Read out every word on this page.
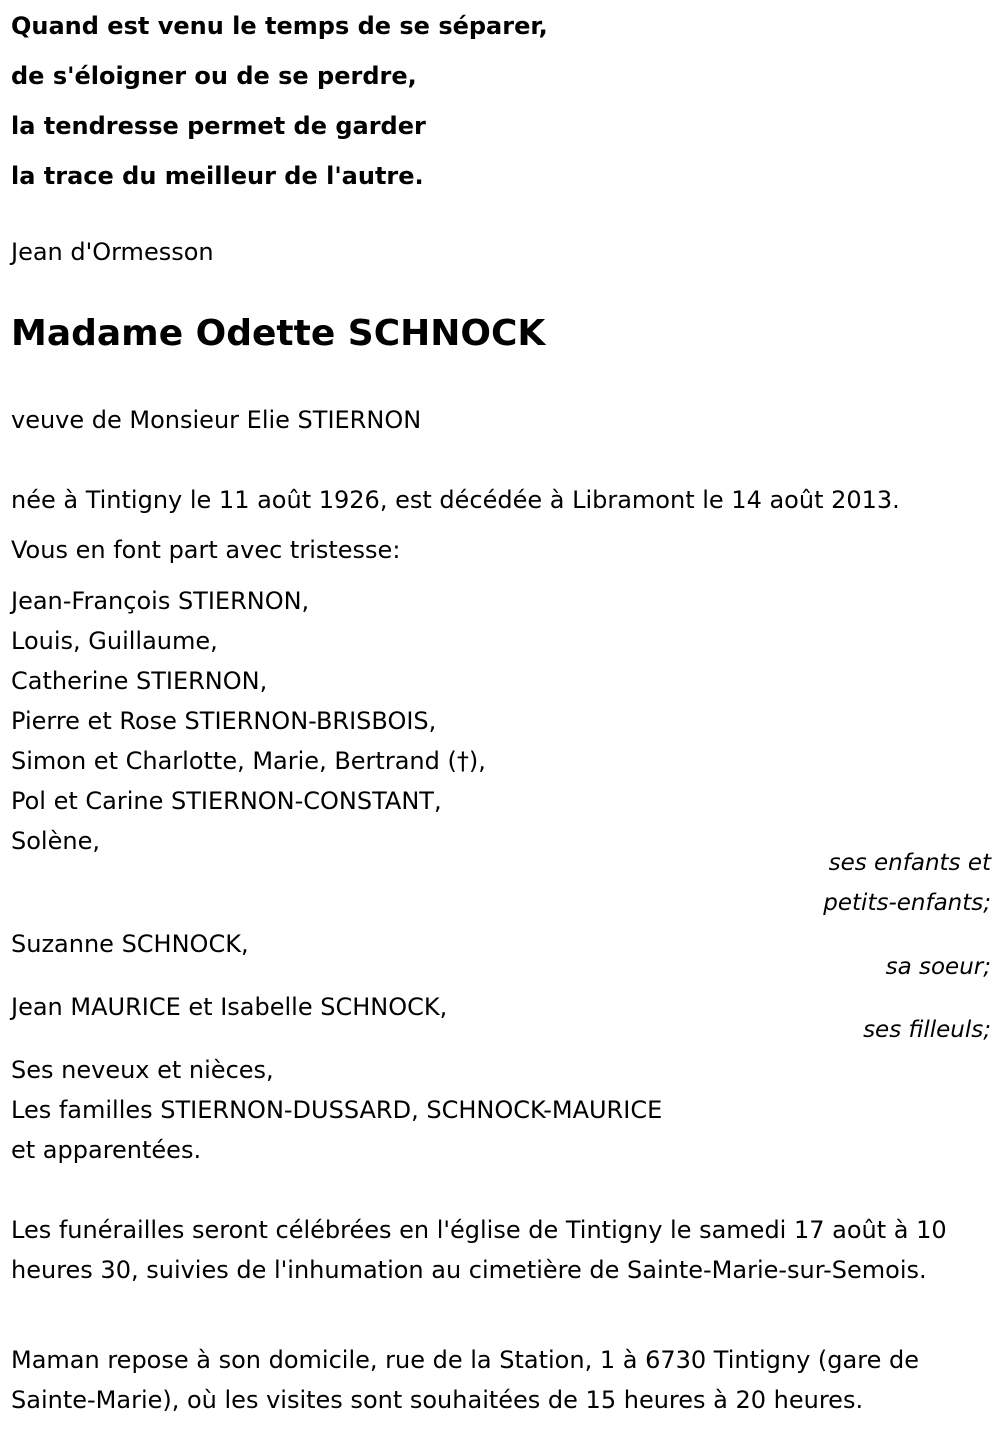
Quand est venu le temps de se séparer,
de s'éloigner ou de se perdre,
la tendresse permet de garder
la trace du meilleur de l'autre.
Jean d'Ormesson
Madame Odette SCHNOCK
veuve de Monsieur Elie STIERNON
née à Tintigny le 11 août 1926, est décédée à Libramont le 14 août 2013.
Vous en font part avec tristesse:
Jean-François STIERNON,
Louis, Guillaume,
Catherine STIERNON,
Pierre et Rose STIERNON-BRISBOIS,
Simon et Charlotte, Marie, Bertrand (†),
Pol et Carine STIERNON-CONSTANT,
Solène,
ses enfants et
petits-enfants;
Suzanne SCHNOCK,
sa soeur;
Jean MAURICE et Isabelle SCHNOCK,
ses filleuls;
Ses neveux et nièces,
Les familles STIERNON-DUSSARD, SCHNOCK-MAURICE
et apparentées.
Les funérailles seront célébrées en l'église de Tintigny le samedi 17 août à 10 heures 30, suivies de l'inhumation au cimetière de Sainte-Marie-sur-Semois.
Maman repose à son domicile, rue de la Station, 1 à 6730 Tintigny (gare de Sainte-Marie), où les visites sont souhaitées de 15 heures à 20 heures.
